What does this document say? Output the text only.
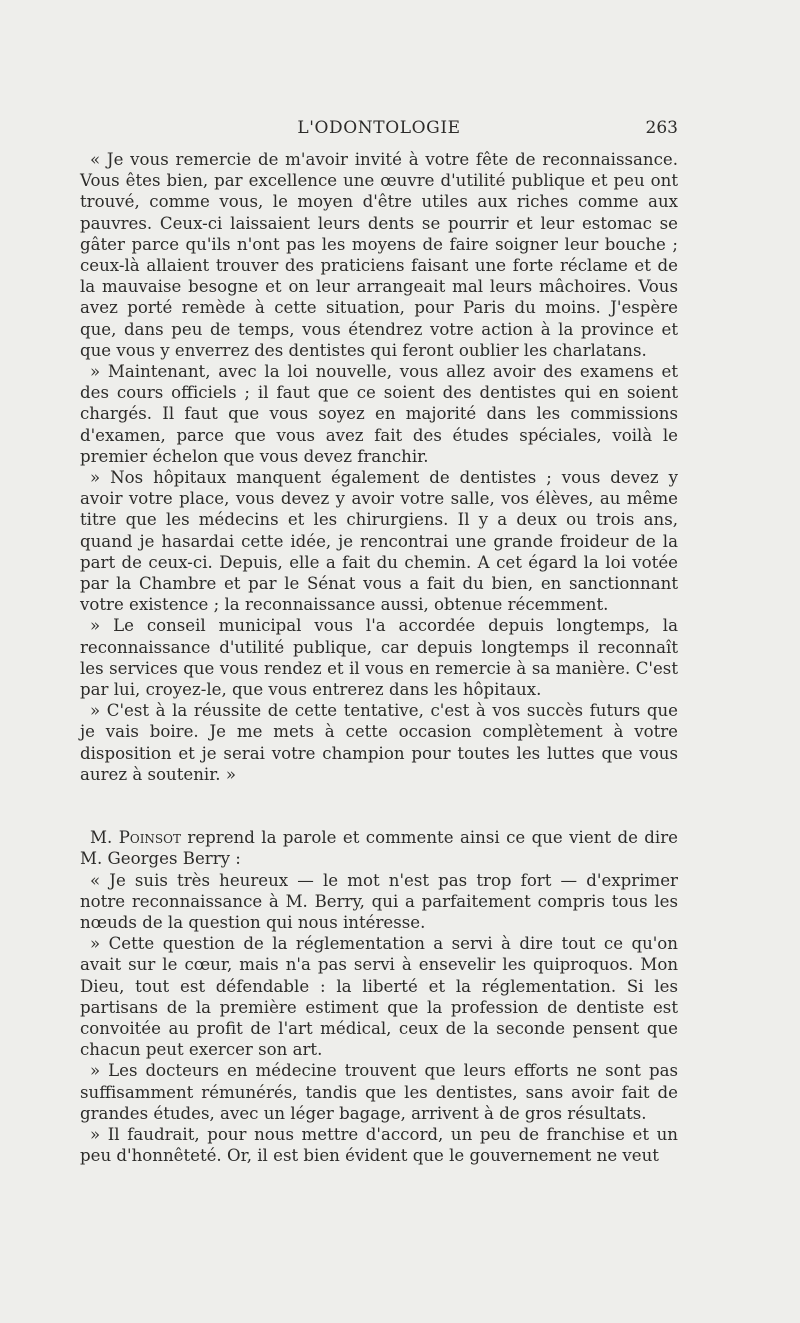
L'ODONTOLOGIE	263

« Je vous remercie de m'avoir invité à votre fête de reconnaissance. Vous êtes bien, par excellence une œuvre d'utilité publique et peu ont trouvé, comme vous, le moyen d'être utiles aux riches comme aux pauvres. Ceux-ci laissaient leurs dents se pourrir et leur estomac se gâter parce qu'ils n'ont pas les moyens de faire soigner leur bouche ; ceux-là allaient trouver des praticiens faisant une forte réclame et de la mauvaise besogne et on leur arrangeait mal leurs mâchoires. Vous avez porté remède à cette situation, pour Paris du moins. J'espère que, dans peu de temps, vous étendrez votre action à la province et que vous y enverrez des dentistes qui feront oublier les charlatans.

» Maintenant, avec la loi nouvelle, vous allez avoir des examens et des cours officiels ; il faut que ce soient des dentistes qui en soient chargés. Il faut que vous soyez en majorité dans les commissions d'examen, parce que vous avez fait des études spéciales, voilà le premier échelon que vous devez franchir.

» Nos hôpitaux manquent également de dentistes ; vous devez y avoir votre place, vous devez y avoir votre salle, vos élèves, au même titre que les médecins et les chirurgiens. Il y a deux ou trois ans, quand je hasardai cette idée, je rencontrai une grande froideur de la part de ceux-ci. Depuis, elle a fait du chemin. A cet égard la loi votée par la Chambre et par le Sénat vous a fait du bien, en sanctionnant votre existence ; la reconnaissance aussi, obtenue récemment.

» Le conseil municipal vous l'a accordée depuis longtemps, la reconnaissance d'utilité publique, car depuis longtemps il reconnaît les services que vous rendez et il vous en remercie à sa manière. C'est par lui, croyez-le, que vous entrerez dans les hôpitaux.

» C'est à la réussite de cette tentative, c'est à vos succès futurs que je vais boire. Je me mets à cette occasion complètement à votre disposition et je serai votre champion pour toutes les luttes que vous aurez à soutenir. »

M. Poinsot reprend la parole et commente ainsi ce que vient de dire M. Georges Berry :

« Je suis très heureux — le mot n'est pas trop fort — d'exprimer notre reconnaissance à M. Berry, qui a parfaitement compris tous les nœuds de la question qui nous intéresse.

» Cette question de la réglementation a servi à dire tout ce qu'on avait sur le cœur, mais n'a pas servi à ensevelir les quiproquos. Mon Dieu, tout est défendable : la liberté et la réglementation. Si les partisans de la première estiment que la profession de dentiste est convoitée au profit de l'art médical, ceux de la seconde pensent que chacun peut exercer son art.

» Les docteurs en médecine trouvent que leurs efforts ne sont pas suffisamment rémunérés, tandis que les dentistes, sans avoir fait de grandes études, avec un léger bagage, arrivent à de gros résultats.

» Il faudrait, pour nous mettre d'accord, un peu de franchise et un peu d'honnêteté. Or, il est bien évident que le gouvernement ne veut
